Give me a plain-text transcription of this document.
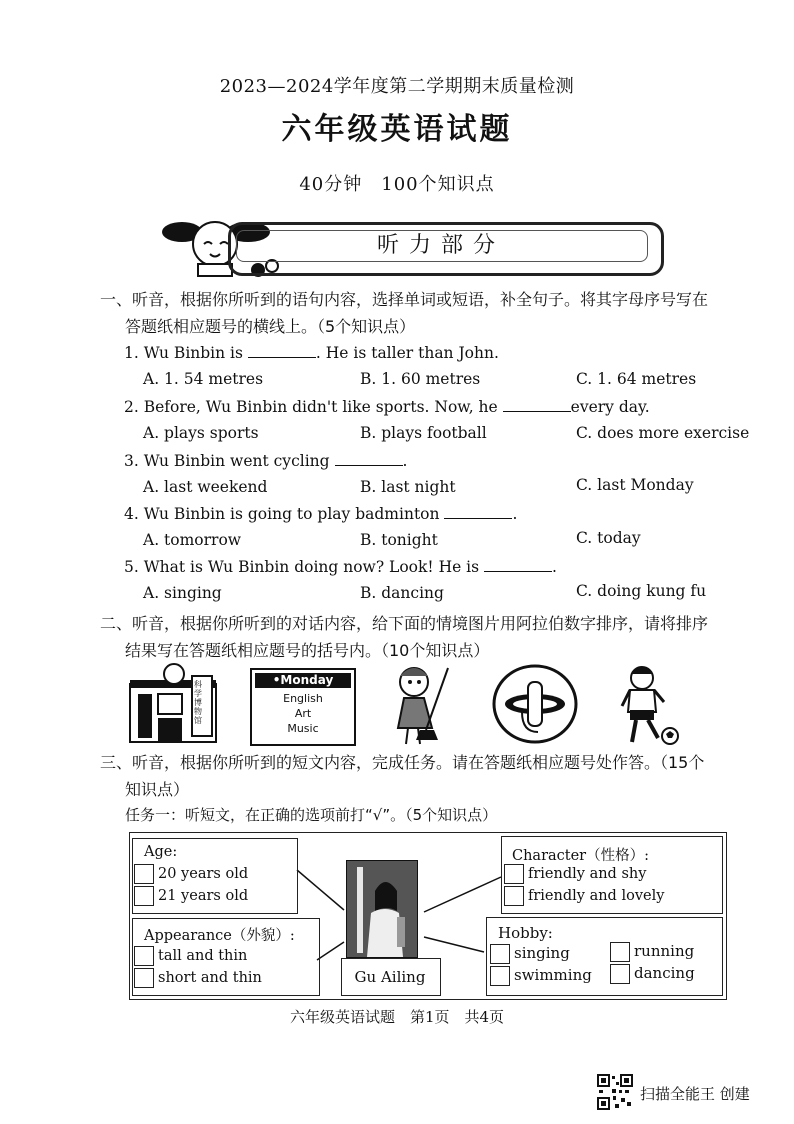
2023—2024学年度第二学期期末质量检测
六年级英语试题
40分钟　100个知识点
听力部分
一、听音，根据你所听到的语句内容，选择单词或短语，补全句子。将其字母序号写在
答题纸相应题号的横线上。（5个知识点）
1. Wu Binbin is	. He is taller than John.
A. 1. 54 metres	B. 1. 60 metres	C. 1. 64 metres
2. Before, Wu Binbin didn't like sports. Now, he	every day.
A. plays sports	B. plays football	C. does more exercise
3. Wu Binbin went cycling	.
A. last weekend	B. last night	C. last Monday
4. Wu Binbin is going to play badminton	.
A. tomorrow	B. tonight	C. today
5. What is Wu Binbin doing now? Look! He is	.
A. singing	B. dancing	C. doing kung fu
二、听音，根据你所听到的对话内容，给下面的情境图片用阿拉伯数字排序，请将排序
结果写在答题纸相应题号的括号内。（10个知识点）
科学博物馆
•Monday
English
Art
Music
三、听音，根据你所听到的短文内容，完成任务。请在答题纸相应题号处作答。（15个
知识点）
任务一：听短文，在正确的选项前打“√”。（5个知识点）
Age:
20 years old
21 years old
Appearance（外貌）:
tall and thin
short and thin	Gu Ailing
Character（性格）:
friendly and shy
friendly and lovely
Hobby:
singing	running
swimming	dancing
六年级英语试题　第1页　共4页
扫描全能王 创建
